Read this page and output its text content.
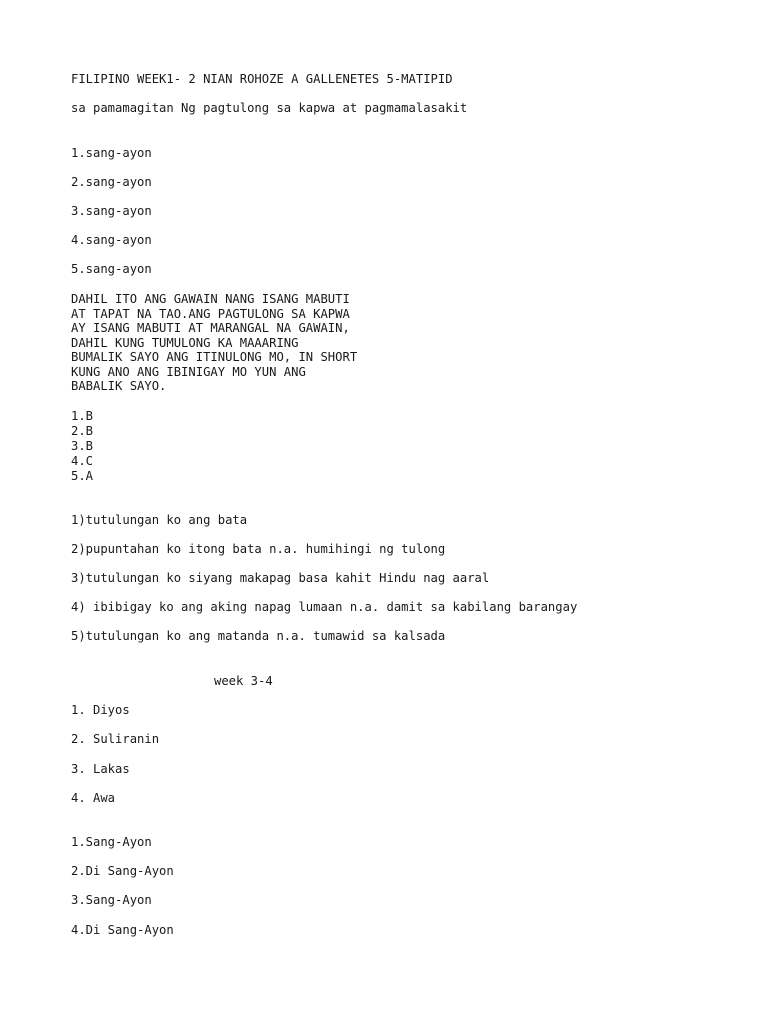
FILIPINO WEEK1- 2 NIAN ROHOZE A GALLENETES 5-MATIPID

sa pamamagitan Ng pagtulong sa kapwa at pagmamalasakit

1.sang-ayon

2.sang-ayon

3.sang-ayon

4.sang-ayon

5.sang-ayon

DAHIL ITO ANG GAWAIN NANG ISANG MABUTI

AT TAPAT NA TAO.ANG PAGTULONG SA KAPWA

AY ISANG MABUTI AT MARANGAL NA GAWAIN,

DAHIL KUNG TUMULONG KA MAAARING

BUMALIK SAYO ANG ITINULONG MO, IN SHORT

KUNG ANO ANG IBINIGAY MO YUN ANG

BABALIK SAYO.

1.B

2.B

3.B

4.C

5.A

1)tutulungan ko ang bata

2)pupuntahan ko itong bata n.a. humihingi ng tulong

3)tutulungan ko siyang makapag basa kahit Hindu nag aaral

4) ibibigay ko ang aking napag lumaan n.a. damit sa kabilang barangay

5)tutulungan ko ang matanda n.a. tumawid sa kalsada

week 3-4

1. Diyos

2. Suliranin

3. Lakas

4. Awa

1.Sang-Ayon

2.Di Sang-Ayon

3.Sang-Ayon

4.Di Sang-Ayon
